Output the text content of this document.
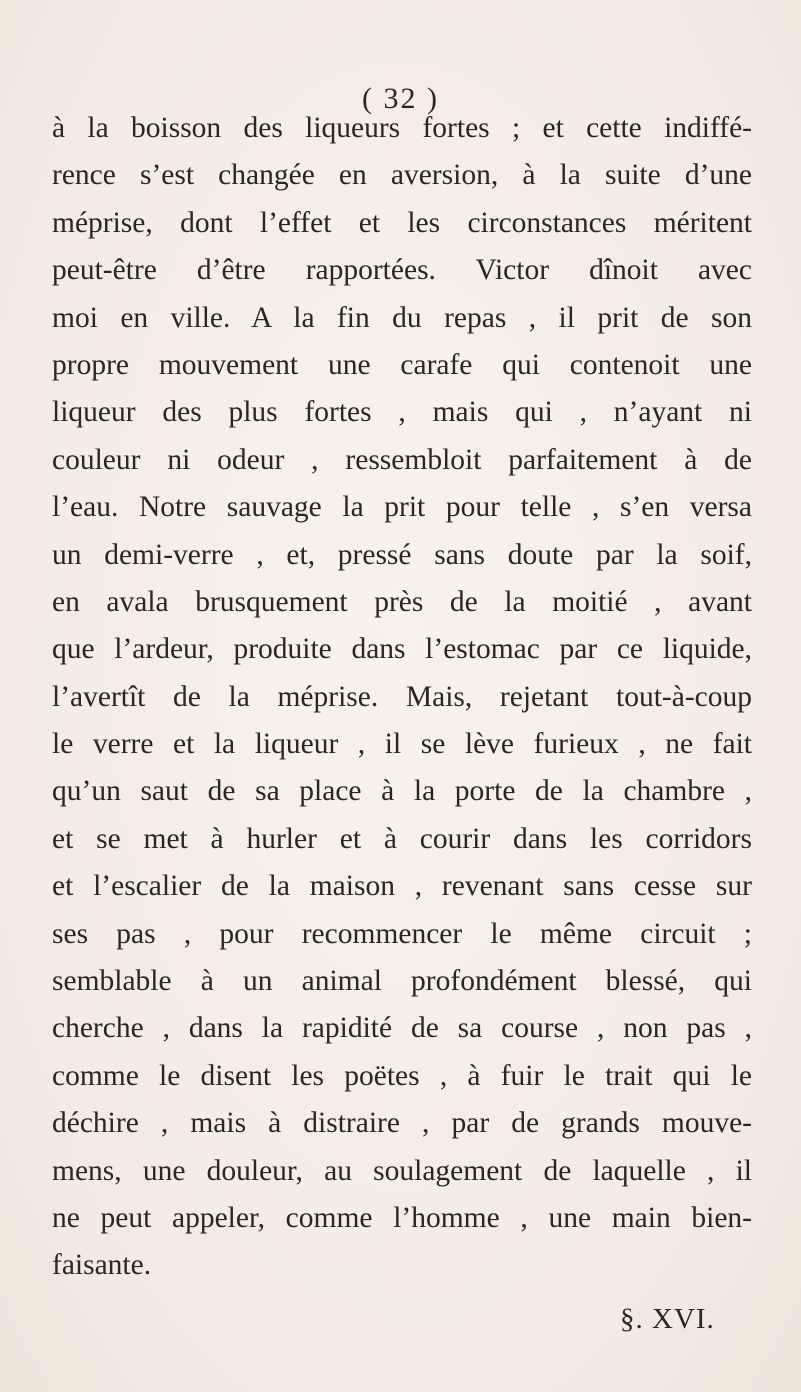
( 32 )
à la boisson des liqueurs fortes ; et cette indiffé-
rence s’est changée en aversion, à la suite d’une
méprise, dont l’effet et les circonstances méritent
peut-être d’être rapportées. Victor dînoit avec
moi en ville. A la fin du repas , il prit de son
propre mouvement une carafe qui contenoit une
liqueur des plus fortes , mais qui , n’ayant ni
couleur ni odeur , ressembloit parfaitement à de
l’eau. Notre sauvage la prit pour telle , s’en versa
un demi-verre , et, pressé sans doute par la soif,
en avala brusquement près de la moitié , avant
que l’ardeur, produite dans l’estomac par ce liquide,
l’avertît de la méprise. Mais, rejetant tout-à-coup
le verre et la liqueur , il se lève furieux , ne fait
qu’un saut de sa place à la porte de la chambre ,
et se met à hurler et à courir dans les corridors
et l’escalier de la maison , revenant sans cesse sur
ses pas , pour recommencer le même circuit ;
semblable à un animal profondément blessé, qui
cherche , dans la rapidité de sa course , non pas ,
comme le disent les poëtes , à fuir le trait qui le
déchire , mais à distraire , par de grands mouve-
mens, une douleur, au soulagement de laquelle , il
ne peut appeler, comme l’homme , une main bien-
faisante.
§. XVI.
